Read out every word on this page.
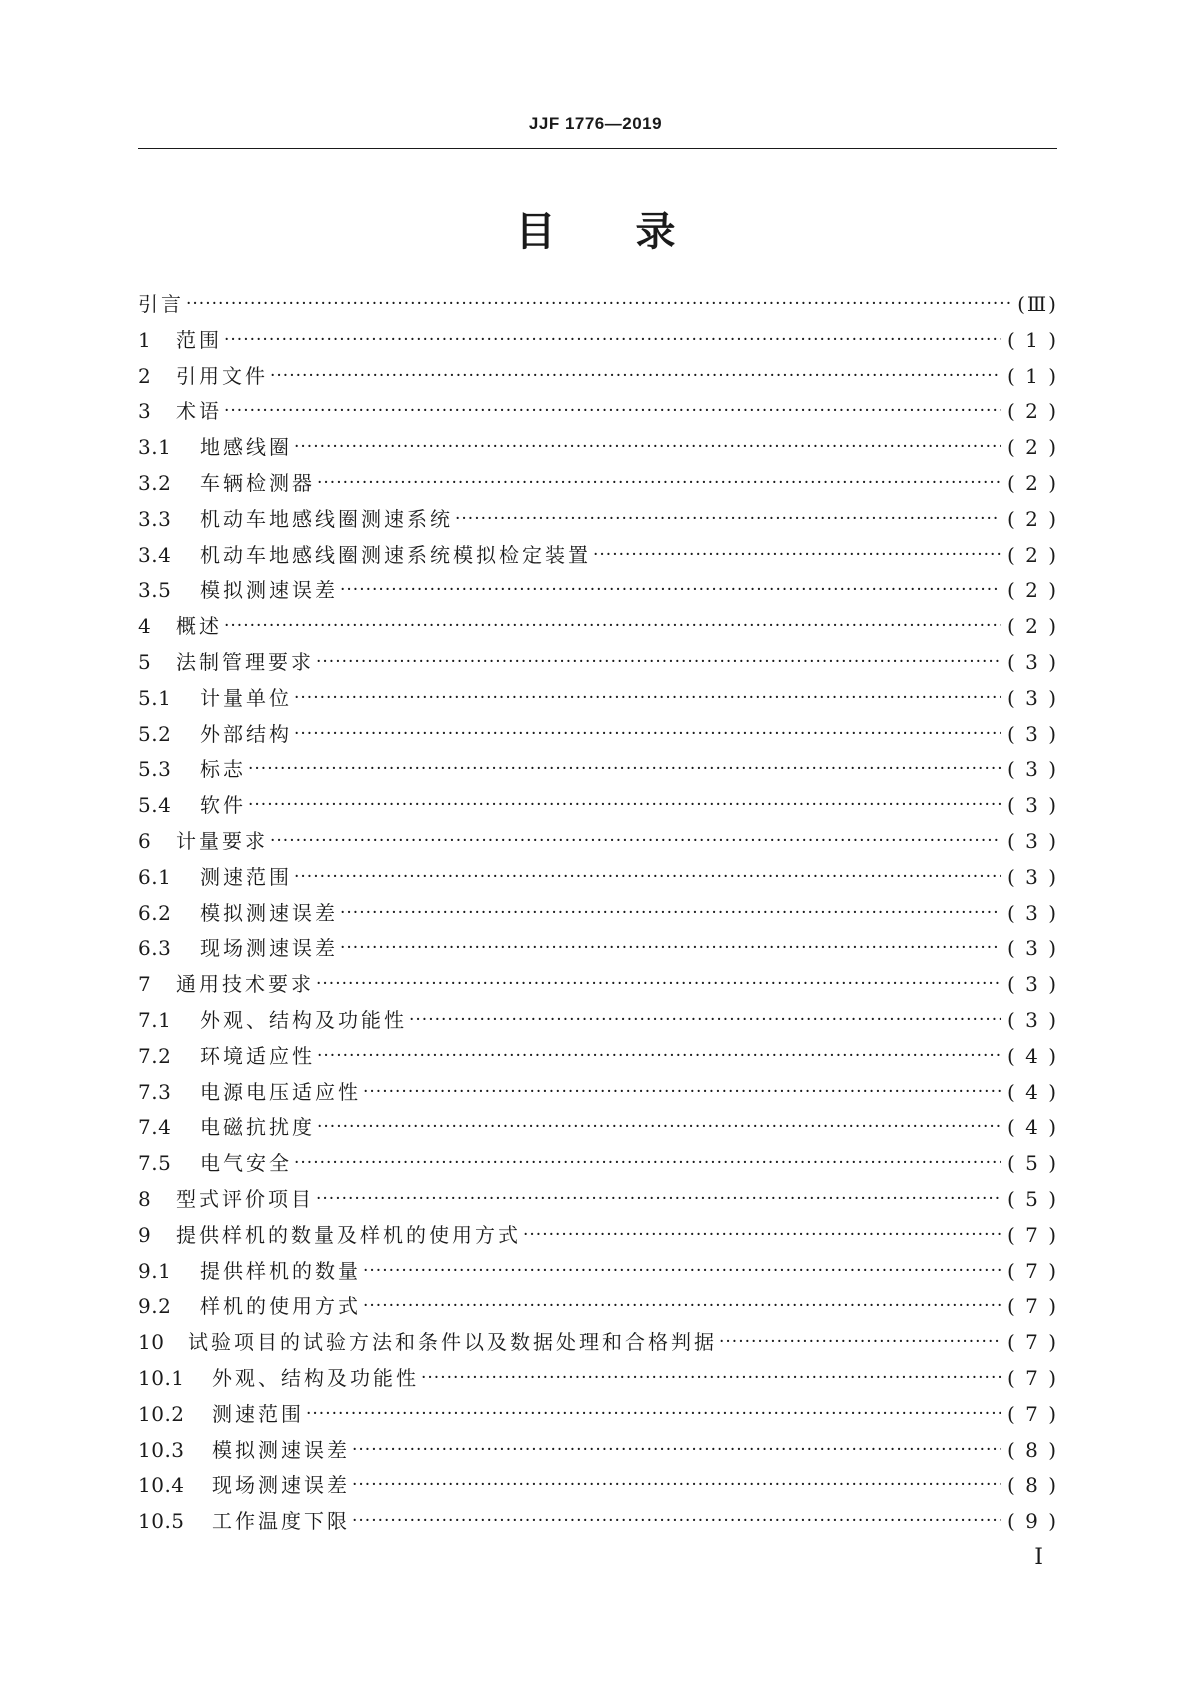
JJF 1776—2019
目 录
引言 ·····	(Ⅲ)
1	范围 ·····	( 1 )
2	引用文件 ·····	( 1 )
3	术语 ·····	( 2 )
3.1	地感线圈 ·····	( 2 )
3.2	车辆检测器 ·····	( 2 )
3.3	机动车地感线圈测速系统 ·····	( 2 )
3.4	机动车地感线圈测速系统模拟检定装置 ·····	( 2 )
3.5	模拟测速误差 ·····	( 2 )
4	概述 ·····	( 2 )
5	法制管理要求 ·····	( 3 )
5.1	计量单位 ·····	( 3 )
5.2	外部结构 ·····	( 3 )
5.3	标志 ·····	( 3 )
5.4	软件 ·····	( 3 )
6	计量要求 ·····	( 3 )
6.1	测速范围 ·····	( 3 )
6.2	模拟测速误差 ·····	( 3 )
6.3	现场测速误差 ·····	( 3 )
7	通用技术要求 ·····	( 3 )
7.1	外观、结构及功能性 ·····	( 3 )
7.2	环境适应性 ·····	( 4 )
7.3	电源电压适应性 ·····	( 4 )
7.4	电磁抗扰度 ·····	( 4 )
7.5	电气安全 ·····	( 5 )
8	型式评价项目 ·····	( 5 )
9	提供样机的数量及样机的使用方式 ·····	( 7 )
9.1	提供样机的数量 ·····	( 7 )
9.2	样机的使用方式 ·····	( 7 )
10	试验项目的试验方法和条件以及数据处理和合格判据 ·····	( 7 )
10.1	外观、结构及功能性 ·····	( 7 )
10.2	测速范围 ·····	( 7 )
10.3	模拟测速误差 ·····	( 8 )
10.4	现场测速误差 ·····	( 8 )
10.5	工作温度下限 ·····	( 9 )
I
